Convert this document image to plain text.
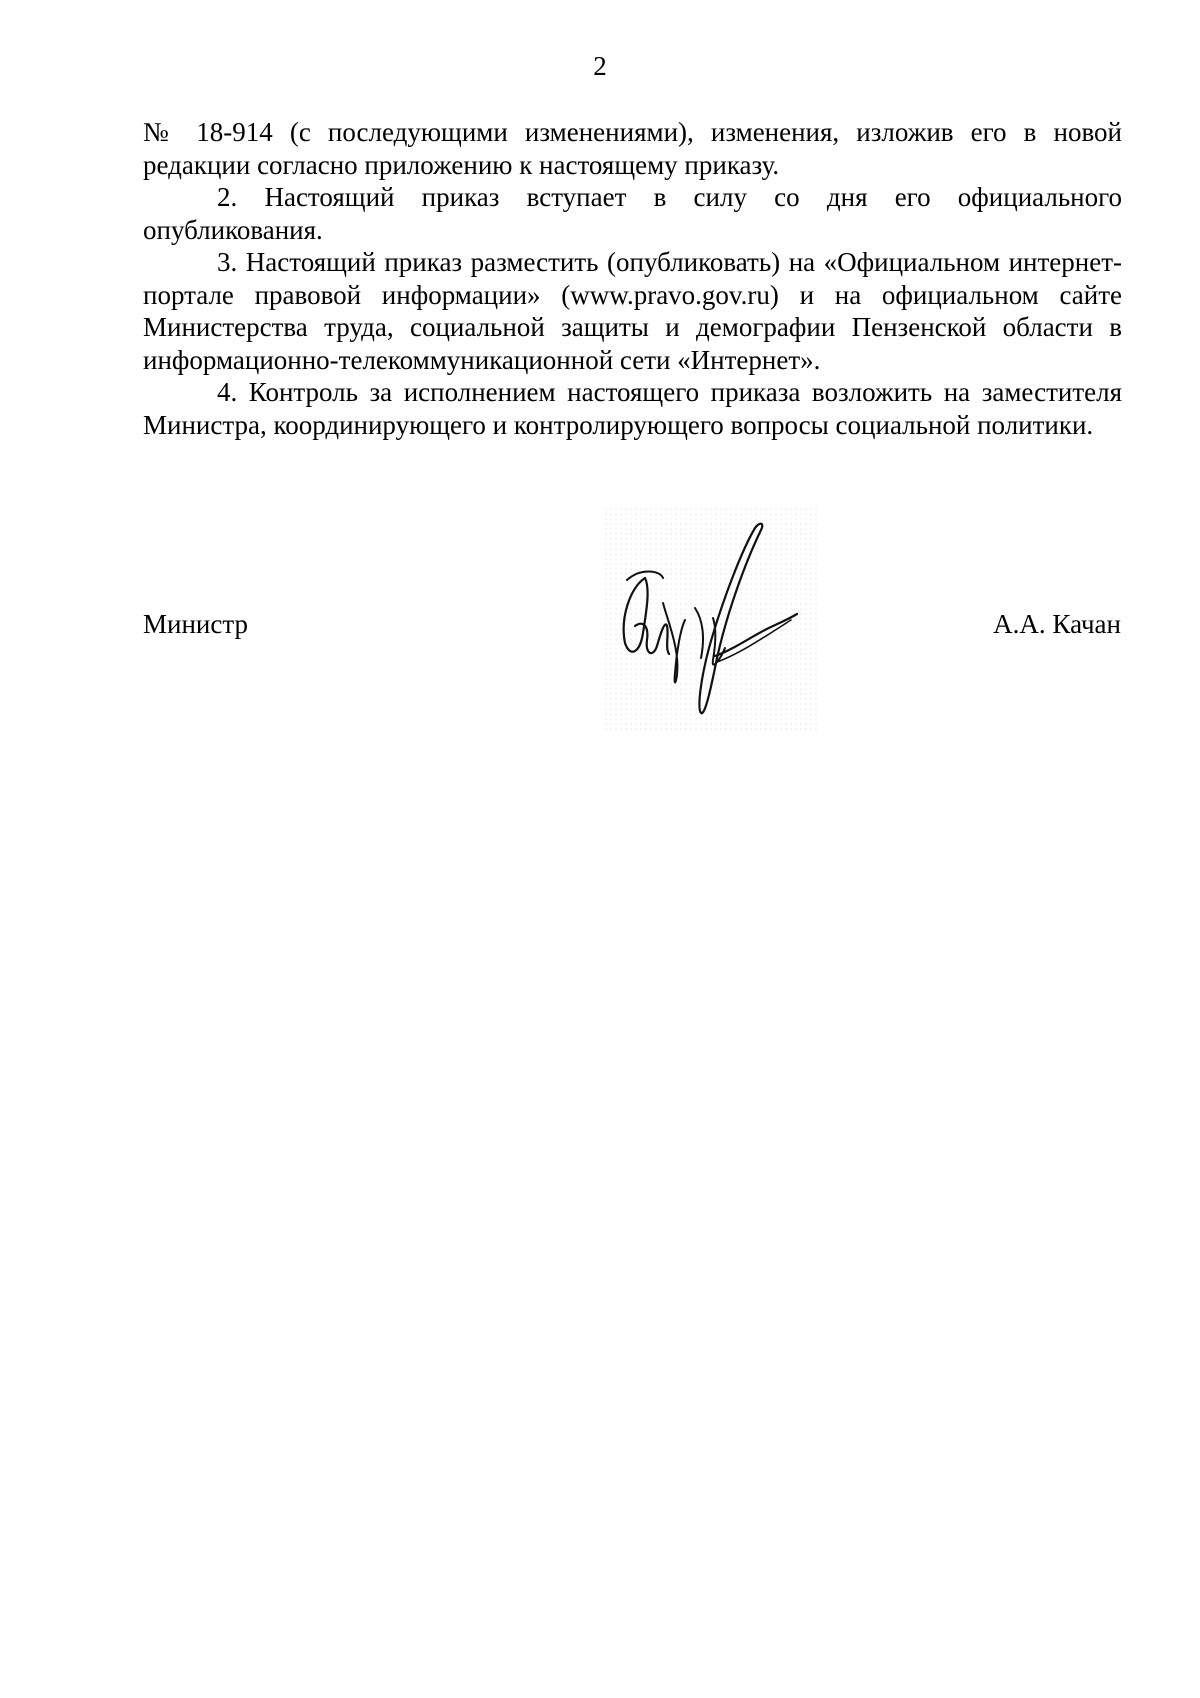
2

№ 18-914 (с последующими изменениями), изменения, изложив его в новой редакции согласно приложению к настоящему приказу.

2. Настоящий приказ вступает в силу со дня его официального опубликования.

3. Настоящий приказ разместить (опубликовать) на «Официальном интернет-портале правовой информации» (www.pravo.gov.ru) и на официальном сайте Министерства труда, социальной защиты и демографии Пензенской области в информационно-телекоммуникационной сети «Интернет».

4. Контроль за исполнением настоящего приказа возложить на заместителя Министра, координирующего и контролирующего вопросы социальной политики.

Министр	А.А. Качан
